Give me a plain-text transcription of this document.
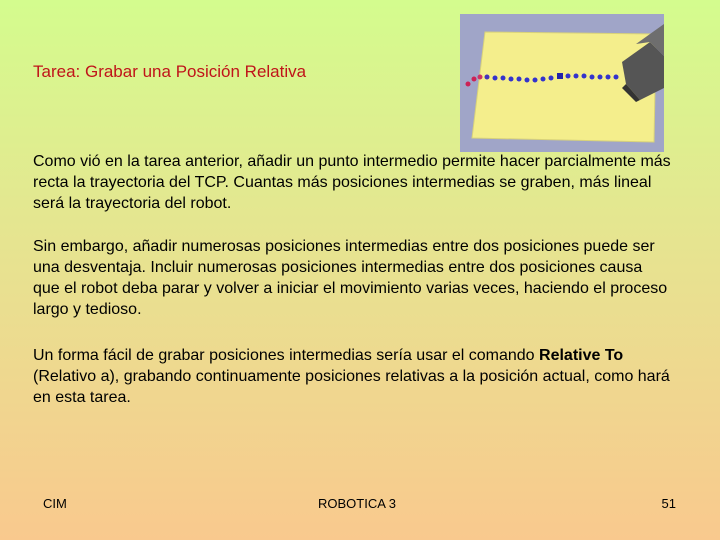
Tarea: Grabar una Posición Relativa
Como vió en la tarea anterior, añadir un punto intermedio permite hacer parcialmente más recta la trayectoria del TCP. Cuantas más posiciones intermedias se graben, más lineal será la trayectoria del robot.
Sin embargo, añadir numerosas posiciones intermedias entre dos posiciones puede ser una desventaja. Incluir numerosas posiciones intermedias entre dos posiciones causa que el robot deba parar y volver a iniciar el movimiento varias veces, haciendo el proceso largo y tedioso.
Un forma fácil de grabar posiciones intermedias sería usar el comando Relative To (Relativo a), grabando continuamente posiciones relativas a la posición actual, como hará en esta tarea.
CIM	ROBOTICA 3	51
